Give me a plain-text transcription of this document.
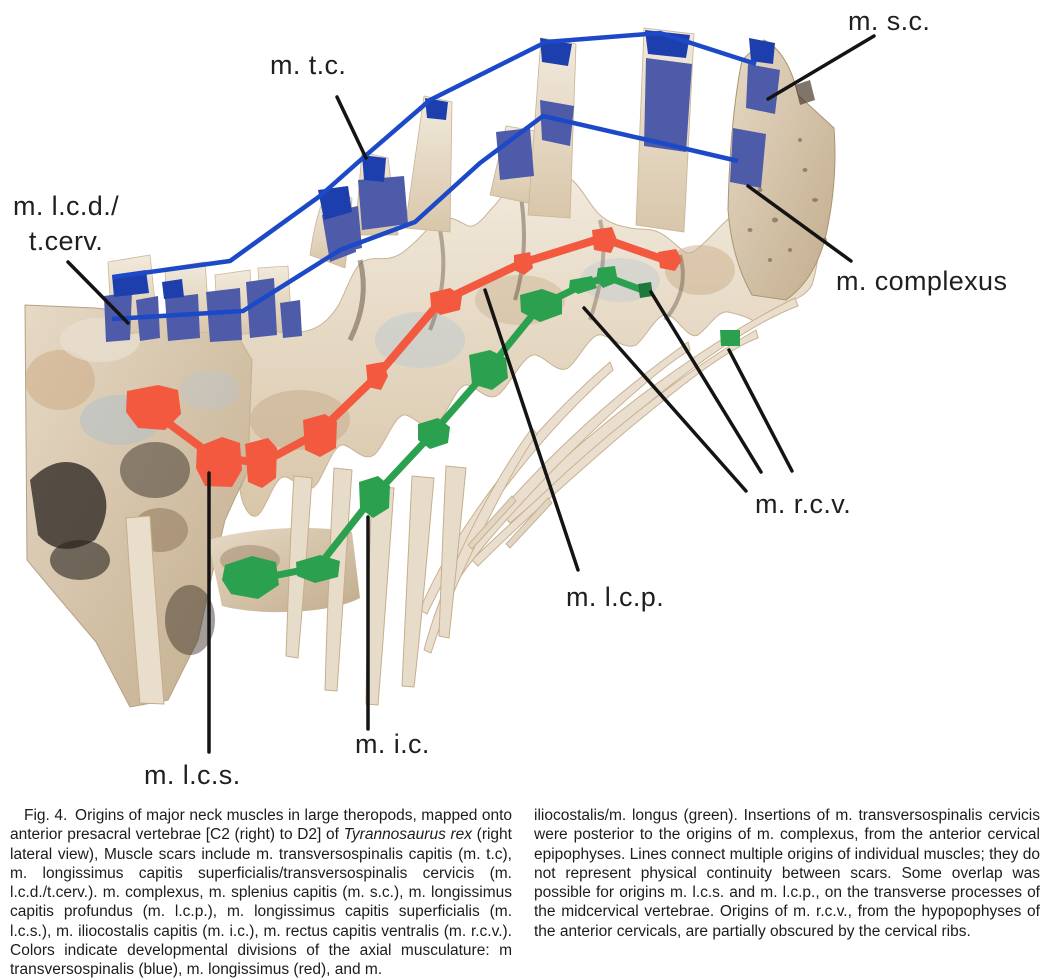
m. t.c.
m. s.c.
m. l.c.d./
t.cerv.
m. complexus
m. r.c.v.
m. l.c.p.
m. i.c.
m. l.c.s.

Fig. 4. Origins of major neck muscles in large theropods, mapped onto anterior presacral vertebrae [C2 (right) to D2] of Tyrannosaurus rex (right lateral view), Muscle scars include m. transversospinalis capitis (m. t.c), m. longissimus capitis superficialis/transversospinalis cervicis (m. l.c.d./t.cerv.). m. complexus, m. splenius capitis (m. s.c.), m. longissimus capitis profundus (m. l.c.p.), m. longissimus capitis superficialis (m. l.c.s.), m. iliocostalis capitis (m. i.c.), m. rectus capitis ventralis (m. r.c.v.). Colors indicate developmental divisions of the axial musculature: m transversospinalis (blue), m. longissimus (red), and m.

iliocostalis/m. longus (green). Insertions of m. transversospinalis cervicis were posterior to the origins of m. complexus, from the anterior cervical epipophyses. Lines connect multiple origins of individual muscles; they do not represent physical continuity between scars. Some overlap was possible for origins m. l.c.s. and m. l.c.p., on the transverse processes of the midcervical vertebrae. Origins of m. r.c.v., from the hypopophyses of the anterior cervicals, are partially obscured by the cervical ribs.
